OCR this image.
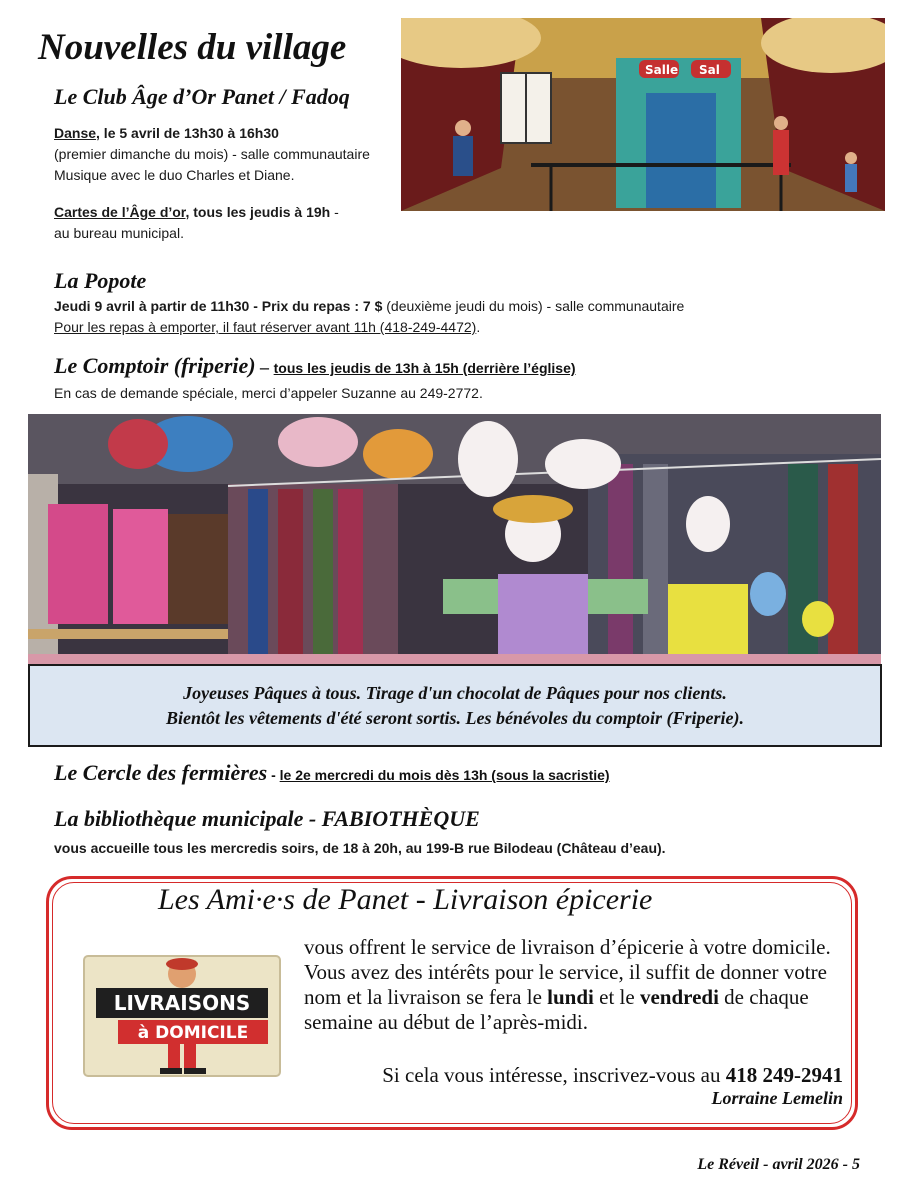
Nouvelles du village
Salle Sal
Le Club Âge d’Or Panet / Fadoq
Danse, le 5 avril de 13h30 à 16h30
(premier dimanche du mois) - salle communautaire
Musique avec le duo Charles et Diane.
Cartes de l’Âge d’or, tous les jeudis à 19h -
au bureau municipal.
La Popote
Jeudi 9 avril à partir de 11h30 - Prix du repas : 7 $ (deuxième jeudi du mois) - salle communautaire
Pour les repas à emporter, il faut réserver avant 11h (418-249-4472).
Le Comptoir (friperie) – tous les jeudis de 13h à 15h (derrière l’église)
En cas de demande spéciale, merci d’appeler Suzanne au 249-2772.
Joyeuses Pâques à tous. Tirage d'un chocolat de Pâques pour nos clients.
Bientôt les vêtements d'été seront sortis. Les bénévoles du comptoir (Friperie).
Le Cercle des fermières - le 2e mercredi du mois dès 13h (sous la sacristie)
La bibliothèque municipale - FABIOTHÈQUE
vous accueille tous les mercredis soirs, de 18 à 20h, au 199-B rue Bilodeau (Château d’eau).
Les Ami·e·s de Panet - Livraison épicerie
LIVRAISONS
à DOMICILE
vous offrent le service de livraison d’épicerie à votre domicile. Vous avez des intérêts pour le service, il suffit de donner votre nom et la livraison se fera le lundi et le vendredi de chaque semaine au début de l’après-midi.
Si cela vous intéresse, inscrivez-vous au 418 249-2941
Lorraine Lemelin
Le Réveil - avril 2026 - 5
